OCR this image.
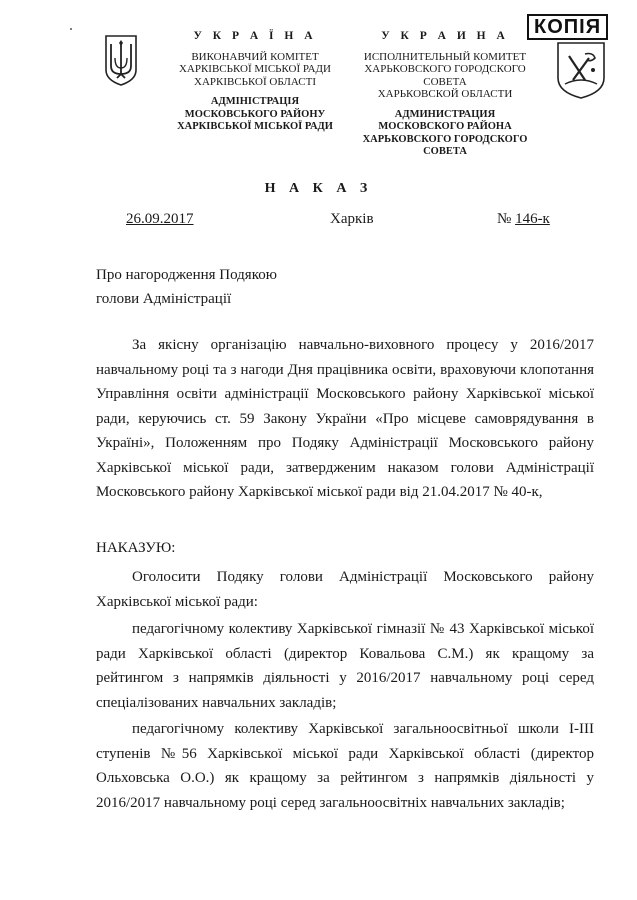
КОПІЯ
У К Р А Ї Н А
ВИКОНАВЧИЙ КОМІТЕТ
ХАРКІВСЬКОЇ МІСЬКОЇ РАДИ
ХАРКІВСЬКОЇ ОБЛАСТІ
АДМІНІСТРАЦІЯ
МОСКОВСЬКОГО РАЙОНУ
ХАРКІВСЬКОЇ МІСЬКОЇ РАДИ
У К Р А И Н А
ИСПОЛНИТЕЛЬНЫЙ КОМИТЕТ
ХАРЬКОВСКОГО ГОРОДСКОГО СОВЕТА
ХАРЬКОВСКОЙ ОБЛАСТИ
АДМИНИСТРАЦИЯ
МОСКОВСКОГО РАЙОНА
ХАРЬКОВСКОГО ГОРОДСКОГО СОВЕТА
Н А К А З
26.09.2017	Харків	№ 146-к
Про нагородження Подякою
голови Адміністрації

За якісну організацію навчально-виховного процесу у 2016/2017 навчальному році та з нагоди Дня працівника освіти, враховуючи клопотання Управління освіти адміністрації Московського району Харківської міської ради, керуючись ст. 59 Закону України «Про місцеве самоврядування в Україні», Положенням про Подяку Адміністрації Московського району Харківської міської ради, затвердженим наказом голови Адміністрації Московського району Харківської міської ради від 21.04.2017 № 40-к,

НАКАЗУЮ:

Оголосити Подяку голови Адміністрації Московського району Харківської міської ради:

педагогічному колективу Харківської гімназії № 43 Харківської міської ради Харківської області (директор Ковальова С.М.) як кращому за рейтингом з напрямків діяльності у 2016/2017 навчальному році серед спеціалізованих навчальних закладів;

педагогічному колективу Харківської загальноосвітньої школи І-ІІІ ступенів №56 Харківської міської ради Харківської області (директор Ольховська О.О.) як кращому за рейтингом з напрямків діяльності у 2016/2017 навчальному році серед загальноосвітніх навчальних закладів;
